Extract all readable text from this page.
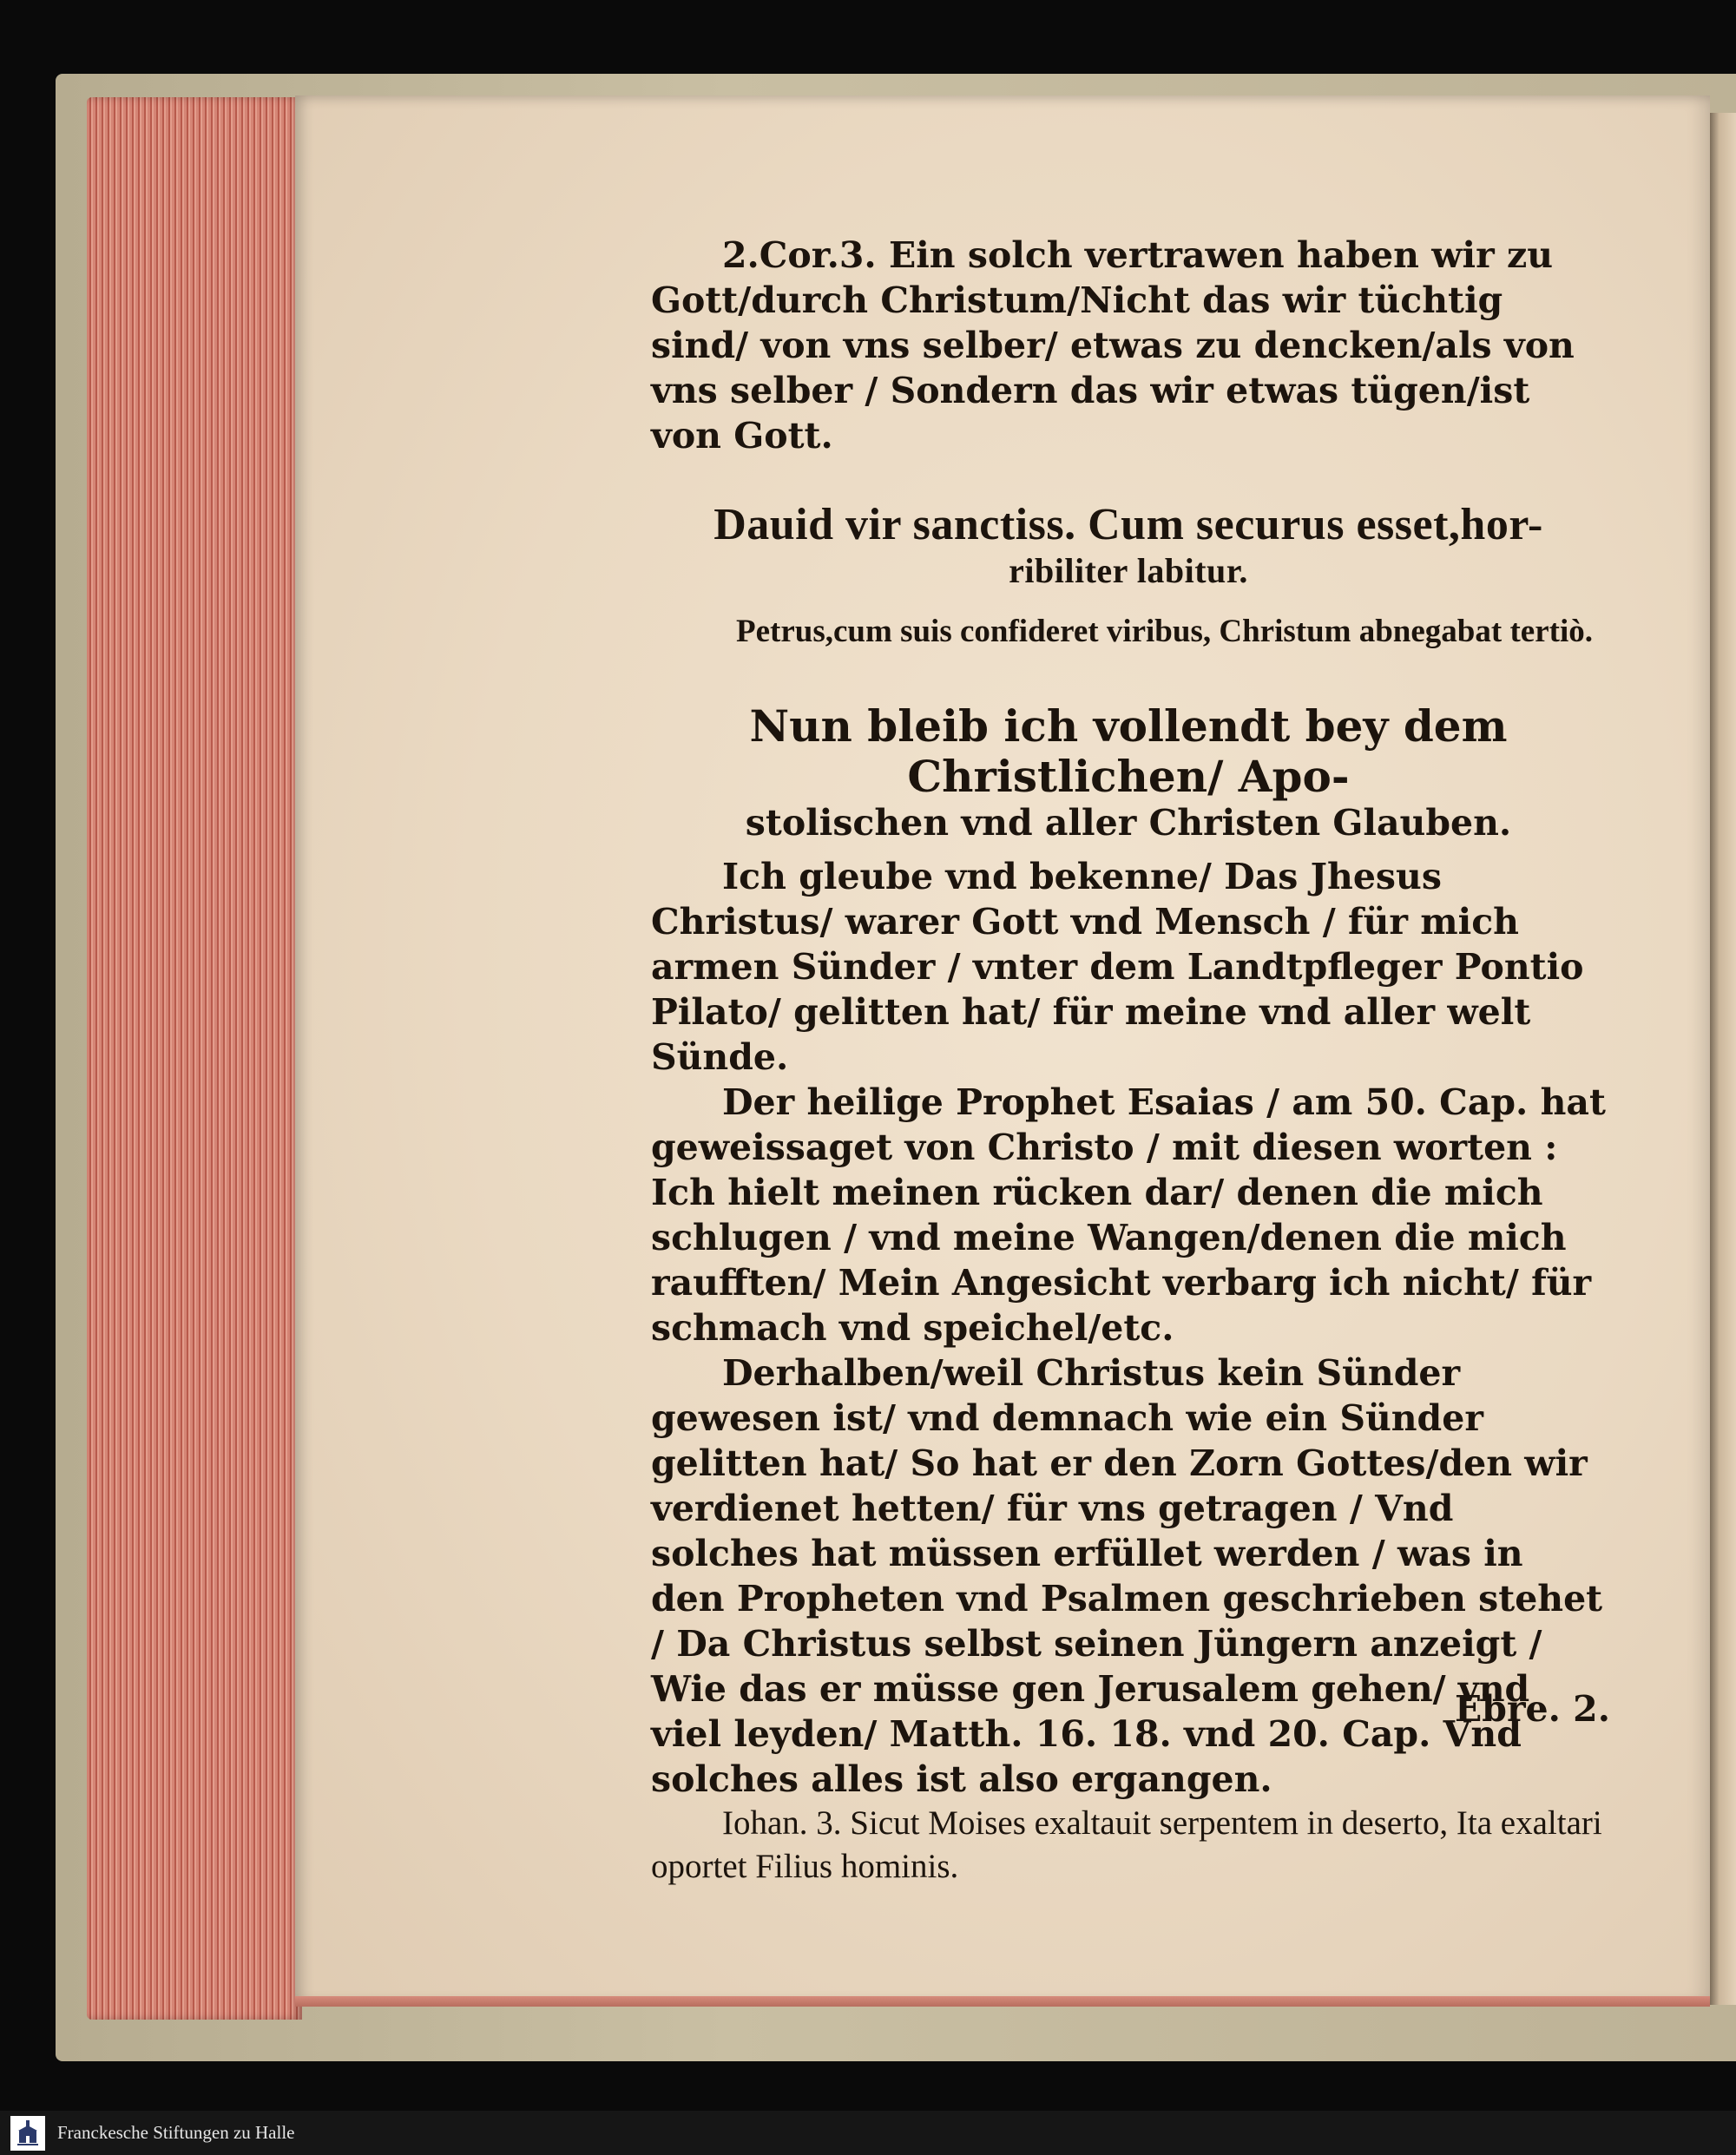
2.Cor.3. Ein solch vertrawen haben wir zu Gott/durch Christum/Nicht das wir tüchtig sind/ von vns selber/ etwas zu dencken/als von vns selber / Sondern das wir etwas tügen/ist von Gott.

Dauid vir sanctiss. Cum securus esset,hor-
ribiliter labitur.

Petrus,cum suis confideret viribus, Christum abnegabat tertiò.

Nun bleib ich vollendt bey dem Christlichen/ Apo-
stolischen vnd aller Christen Glauben.

Ich gleube vnd bekenne/ Das Jhesus Christus/ warer Gott vnd Mensch / für mich armen Sünder / vnter dem Landtpfleger Pontio Pilato/ gelitten hat/ für meine vnd aller welt Sünde.

Der heilige Prophet Esaias / am 50. Cap. hat geweissaget von Christo / mit diesen worten : Ich hielt meinen rücken dar/ denen die mich schlugen / vnd meine Wangen/denen die mich raufften/ Mein Angesicht verbarg ich nicht/ für schmach vnd speichel/etc.

Derhalben/weil Christus kein Sünder gewesen ist/ vnd demnach wie ein Sünder gelitten hat/ So hat er den Zorn Gottes/den wir verdienet hetten/ für vns getragen / Vnd solches hat müssen erfüllet werden / was in den Propheten vnd Psalmen geschrieben stehet / Da Christus selbst seinen Jüngern anzeigt / Wie das er müsse gen Jerusalem gehen/ vnd viel leyden/ Matth. 16. 18. vnd 20. Cap. Vnd solches alles ist also ergangen.

Iohan. 3. Sicut Moises exaltauit serpentem in deserto, Ita exaltari oportet Filius hominis.

Ebre. 2.
Franckesche Stiftungen zu Halle
